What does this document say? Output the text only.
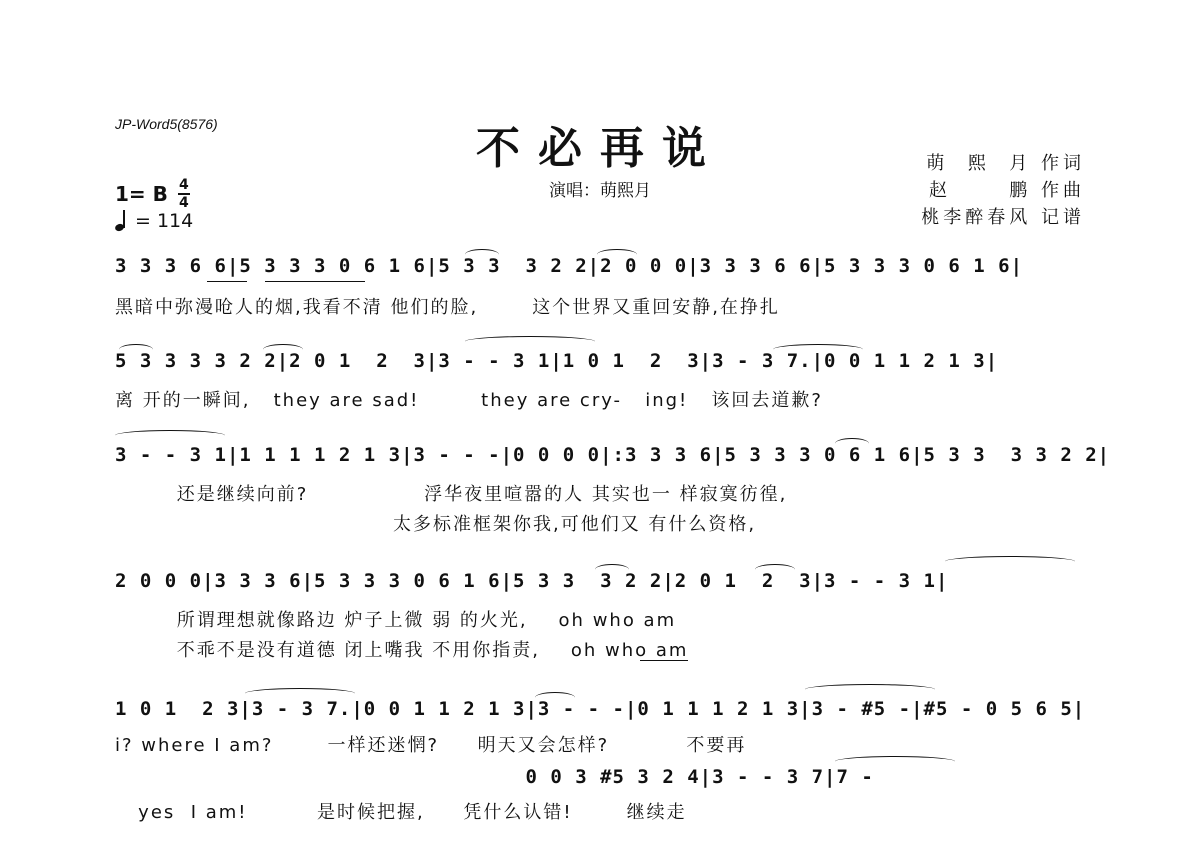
JP-Word5(8576)	不必再说
演唱：萌熙月
萌  熙  月 作词
赵      鹏 作曲
桃李醉春风 记谱
1= B 4
4
= 114
3 3 3 6 6|5 3 3 3 0 6 1 6|5 3 3  3 2 2|2 0 0 0|3 3 3 6 6|5 3 3 3 0 6 1 6|
黑暗中弥漫呛人的烟,我看不清 他们的脸,       这个世界又重回安静,在挣扎
5 3 3 3 3 2 2|2 0 1  2  3|3 - - 3 1|1 0 1  2  3|3 - 3 7.|0 0 1 1 2 1 3|
离 开的一瞬间,   they are sad!        they are cry-   ing!   该回去道歉?
3 - - 3 1|1 1 1 1 2 1 3|3 - - -|0 0 0 0|:3 3 3 6|5 3 3 3 0 6 1 6|5 3 3  3 3 2 2|
还是继续向前?               浮华夜里喧嚣的人 其实也一 样寂寞彷徨,
太多标准框架你我,可他们又 有什么资格,
2 0 0 0|3 3 3 6|5 3 3 3 0 6 1 6|5 3 3  3 2 2|2 0 1  2  3|3 - - 3 1|
所谓理想就像路边 炉子上微 弱 的火光,    oh who am
不乖不是没有道德 闭上嘴我 不用你指责,    oh who am
1 0 1  2 3|3 - 3 7.|0 0 1 1 2 1 3|3 - - -|0 1 1 1 2 1 3|3 - #5 -|#5 - 0 5 6 5|
i? where I am?       一样还迷惘?     明天又会怎样?          不要再
0 0 3 #5 3 2 4|3 - - 3 7|7 -
yes  I am!         是时候把握,     凭什么认错!       继续走
